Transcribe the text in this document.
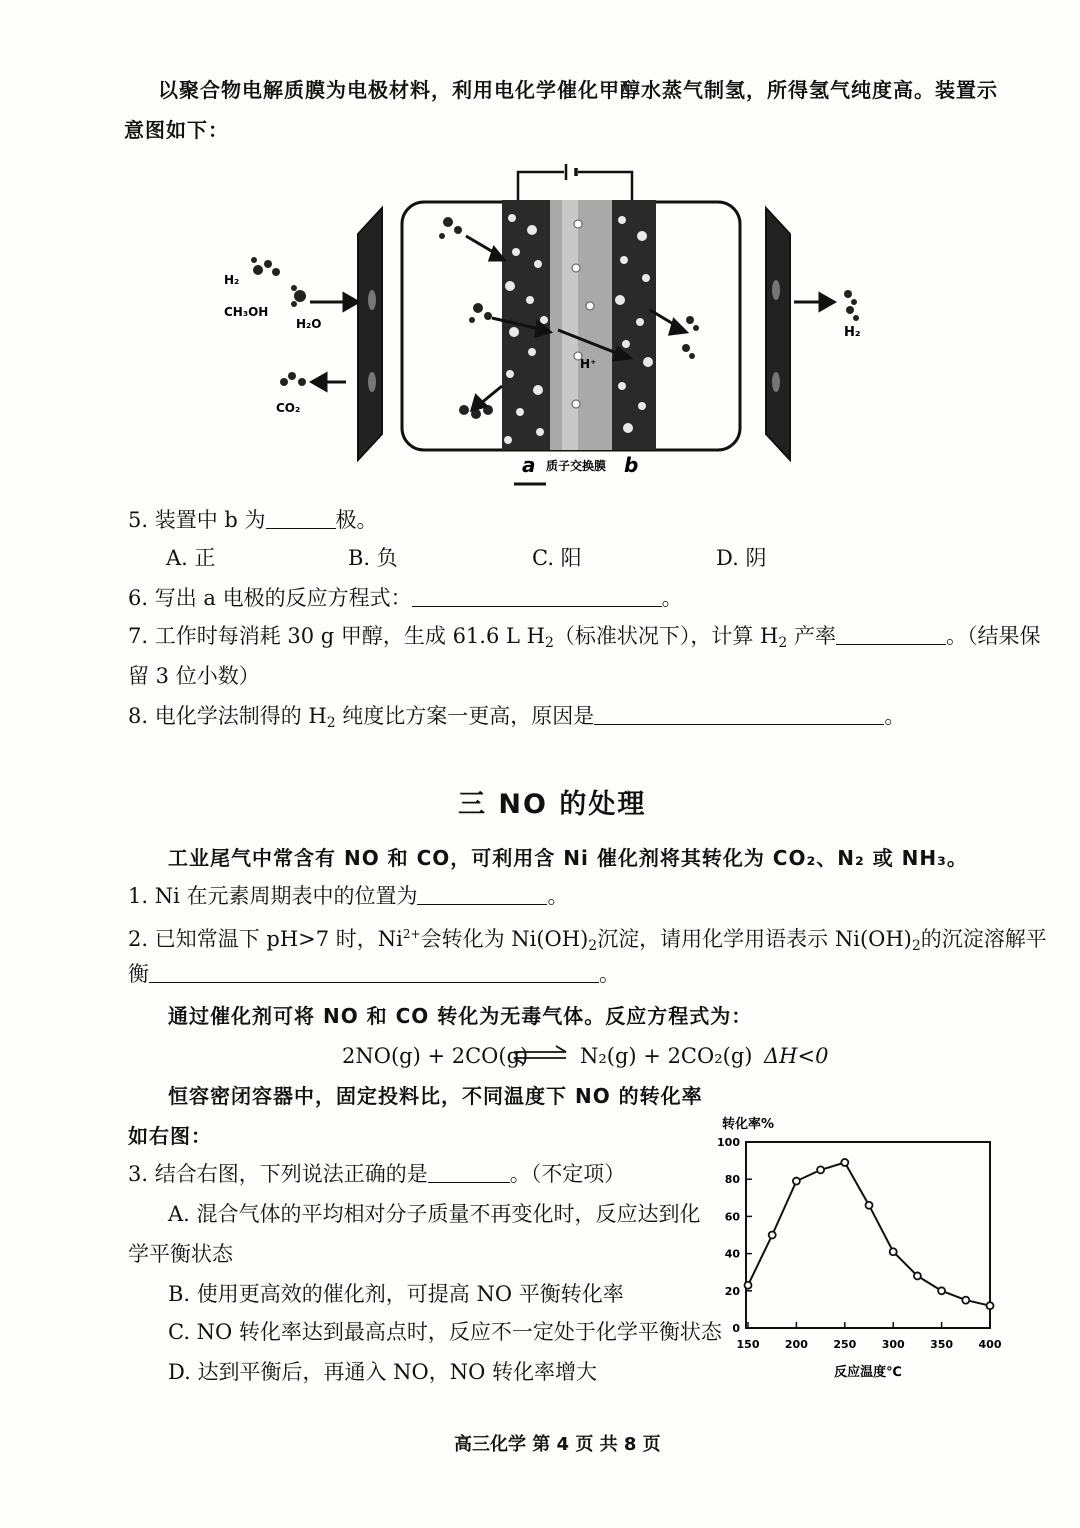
以聚合物电解质膜为电极材料，利用电化学催化甲醇水蒸气制氢，所得氢气纯度高。装置示
意图如下：
H⁺
H₂
CH₃OH
H₂O
CO₂
H₂
a 质子交换膜 b
5. 装置中 b 为	极。
A. 正	B. 负	C. 阳	D. 阴
6. 写出 a 电极的反应方程式：	。
7. 工作时每消耗 30 g 甲醇，生成 61.6 L $H_2$（标准状况下），计算 $H_2$ 产率	。（结果保
留 3 位小数）
8. 电化学法制得的 $H_2$ 纯度比方案一更高，原因是	。
三 NO 的处理
工业尾气中常含有 NO 和 CO，可利用含 Ni 催化剂将其转化为 CO₂、N₂ 或 NH₃。
1. Ni 在元素周期表中的位置为	。
2. 已知常温下 pH>7 时，$Ni^{2+}$会转化为 $Ni(OH)_2$沉淀，请用化学用语表示 $Ni(OH)_2$的沉淀溶解平
衡	。
通过催化剂可将 NO 和 CO 转化为无毒气体。反应方程式为：
2NO(g) + 2CO(g) ⇌ N₂(g) + 2CO₂(g) ΔH<0
恒容密闭容器中，固定投料比，不同温度下 NO 的转化率
如右图：
3. 结合右图，下列说法正确的是	。（不定项）
A. 混合气体的平均相对分子质量不再变化时，反应达到化
学平衡状态
B. 使用更高效的催化剂，可提高 NO 平衡转化率
C. NO 转化率达到最高点时，反应不一定处于化学平衡状态
D. 达到平衡后，再通入 NO，NO 转化率增大
转化率%
0
20
40
60
80
100
150 200 250 300 350 400
反应温度℃
高三化学 第 4 页 共 8 页
